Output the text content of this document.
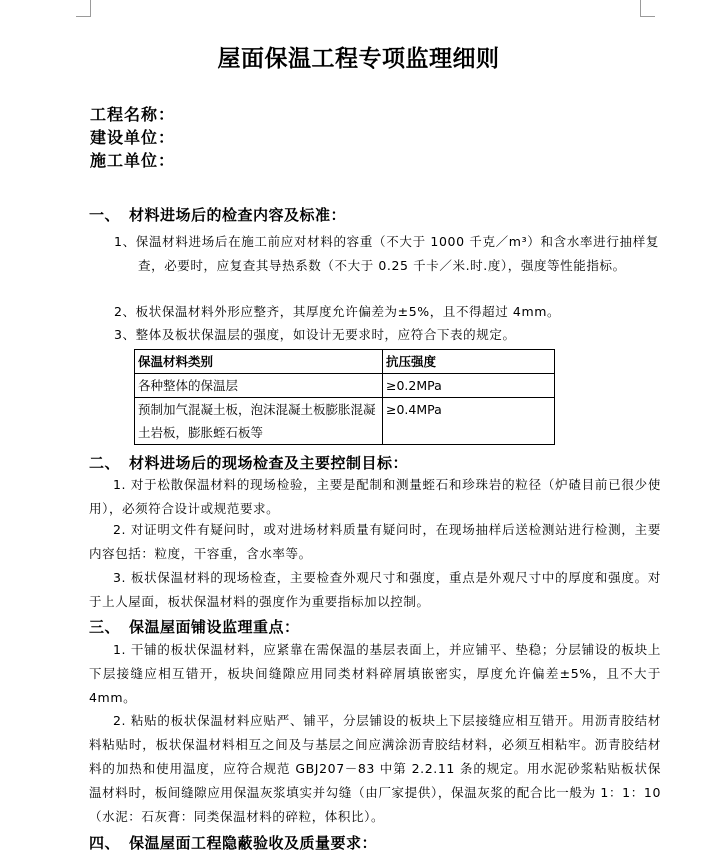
屋面保温工程专项监理细则
工程名称：
建设单位：
施工单位：
一、 材料进场后的检查内容及标准：
1、保温材料进场后在施工前应对材料的容重（不大于 1000 千克／m³）和含水率进行抽样复查，必要时，应复查其导热系数（不大于 0.25 千卡／米.时.度），强度等性能指标。
2、板状保温材料外形应整齐，其厚度允许偏差为±5%，且不得超过 4mm。
3、整体及板状保温层的强度，如设计无要求时，应符合下表的规定。
保温材料类别	抗压强度
各种整体的保温层	≥0.2MPa
预制加气混凝土板，泡沫混凝土板膨胀混凝土岩板，膨胀蛭石板等	≥0.4MPa
二、 材料进场后的现场检查及主要控制目标：
1. 对于松散保温材料的现场检验，主要是配制和测量蛭石和珍珠岩的粒径（炉碴目前已很少使用），必须符合设计或规范要求。
2. 对证明文件有疑问时，或对进场材料质量有疑问时，在现场抽样后送检测站进行检测，主要内容包括：粒度，干容重，含水率等。
3. 板状保温材料的现场检查，主要检查外观尺寸和强度，重点是外观尺寸中的厚度和强度。对于上人屋面，板状保温材料的强度作为重要指标加以控制。
三、 保温屋面铺设监理重点：
1. 干铺的板状保温材料，应紧靠在需保温的基层表面上，并应铺平、垫稳；分层铺设的板块上下层接缝应相互错开，板块间缝隙应用同类材料碎屑填嵌密实，厚度允许偏差±5%，且不大于 4mm。
2. 粘贴的板状保温材料应贴严、铺平，分层铺设的板块上下层接缝应相互错开。用沥青胶结材料粘贴时，板状保温材料相互之间及与基层之间应满涂沥青胶结材料，必须互相粘牢。沥青胶结材料的加热和使用温度，应符合规范 GBJ207－83 中第 2.2.11 条的规定。用水泥砂浆粘贴板状保温材料时，板间缝隙应用保温灰浆填实并勾缝（由厂家提供），保温灰浆的配合比一般为 1：1：10（水泥：石灰膏：同类保温材料的碎粒，体积比）。
四、 保温屋面工程隐蔽验收及质量要求：
